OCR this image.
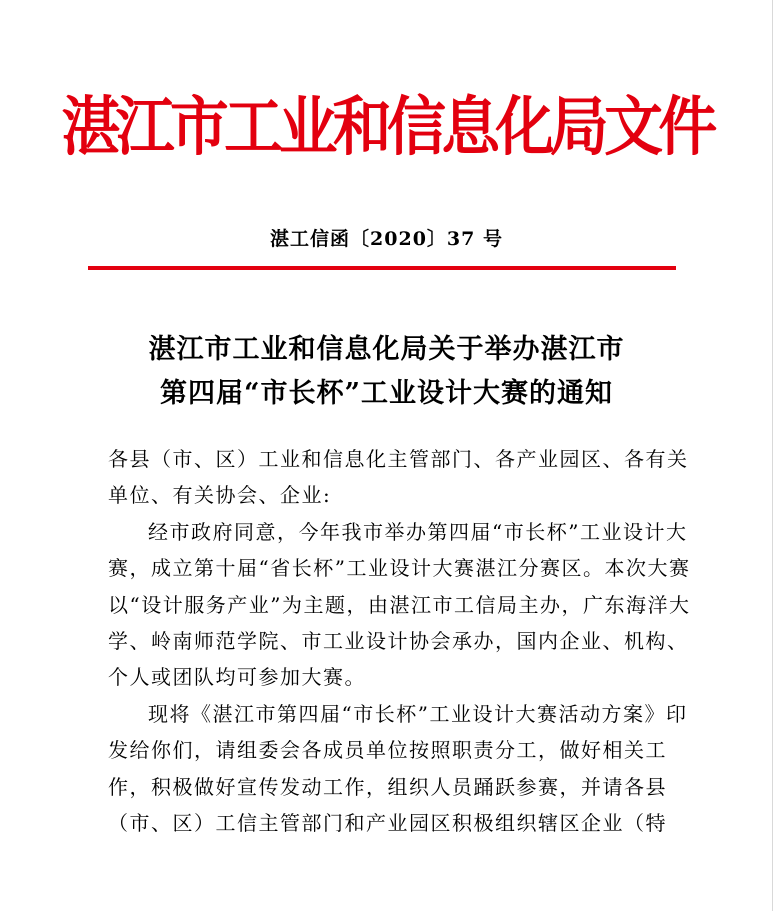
湛江市工业和信息化局文件
湛工信函〔2020〕37 号
湛江市工业和信息化局关于举办湛江市
第四届“市长杯”工业设计大赛的通知

各县（市、区）工业和信息化主管部门、各产业园区、各有关单位、有关协会、企业:

经市政府同意，今年我市举办第四届“市长杯”工业设计大赛，成立第十届“省长杯”工业设计大赛湛江分赛区。本次大赛以“设计服务产业”为主题，由湛江市工信局主办，广东海洋大学、岭南师范学院、市工业设计协会承办，国内企业、机构、个人或团队均可参加大赛。

现将《湛江市第四届“市长杯”工业设计大赛活动方案》印发给你们，请组委会各成员单位按照职责分工，做好相关工作，积极做好宣传发动工作，组织人员踊跃参赛，并请各县（市、区）工信主管部门和产业园区积极组织辖区企业（特
